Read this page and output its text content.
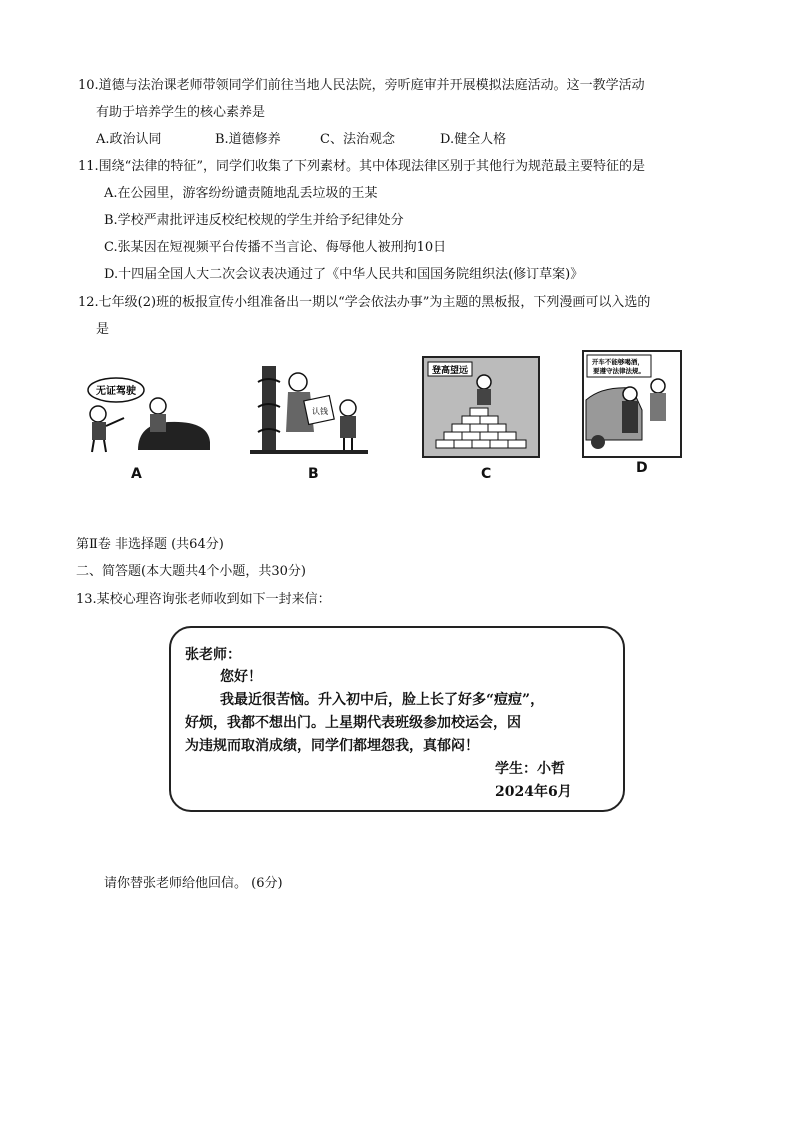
10.道德与法治课老师带领同学们前往当地人民法院，旁听庭审并开展模拟法庭活动。这一教学活动
有助于培养学生的核心素养是
A.政治认同	B.道德修养	C、法治观念	D.健全人格
11.围绕“法律的特征”，同学们收集了下列素材。其中体现法律区别于其他行为规范最主要特征的是
A.在公园里，游客纷纷谴责随地乱丢垃圾的王某
B.学校严肃批评违反校纪校规的学生并给予纪律处分
C.张某因在短视频平台传播不当言论、侮辱他人被刑拘10日
D.十四届全国人大二次会议表决通过了《中华人民共和国国务院组织法(修订草案)》
12.七年级(2)班的板报宣传小组准备出一期以“学会依法办事”为主题的黑板报，下列漫画可以入选的
是
无证驾驶
A
认钱
B
登高望远
C
开车不能够喝酒， 要遵守法律法规。
D
第Ⅱ卷 非选择题 (共64分)
二、简答题(本大题共4个小题，共30分)
13.某校心理咨询张老师收到如下一封来信：
张老师：
您好！
我最近很苦恼。升入初中后，脸上长了好多“痘痘”，
好烦，我都不想出门。上星期代表班级参加校运会，因
为违规而取消成绩，同学们都埋怨我，真郁闷！
学生：小哲
2024年6月
请你替张老师给他回信。 (6分)
